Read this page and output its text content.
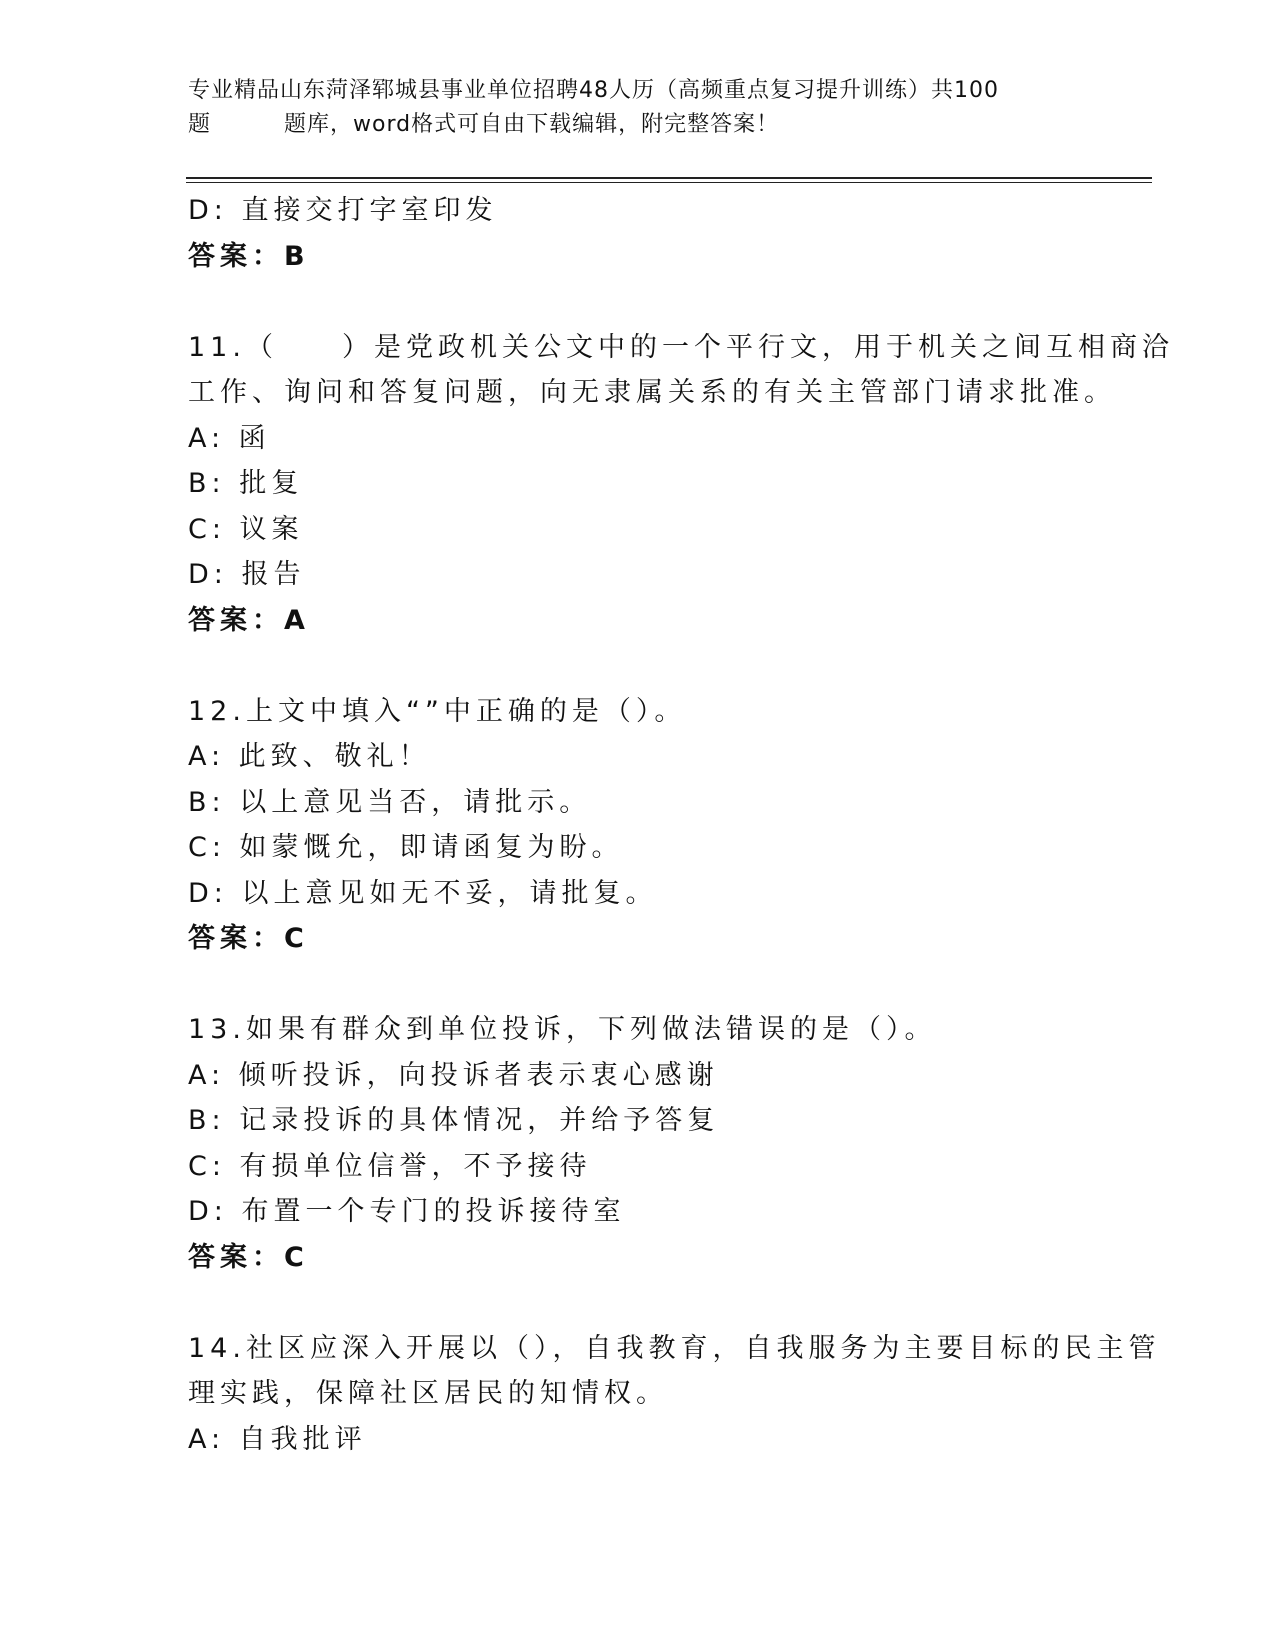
专业精品山东菏泽郓城县事业单位招聘48人历（高频重点复习提升训练）共100
题	题库，word格式可自由下载编辑，附完整答案！
D: 直接交打字室印发
答案：B
11.（　　）是党政机关公文中的一个平行文，用于机关之间互相商洽
工作、询问和答复问题，向无隶属关系的有关主管部门请求批准。
A: 函
B: 批复
C: 议案
D: 报告
答案：A
12.上文中填入“”中正确的是（）。
A: 此致、敬礼！
B: 以上意见当否，请批示。
C: 如蒙慨允，即请函复为盼。
D: 以上意见如无不妥，请批复。
答案：C
13.如果有群众到单位投诉，下列做法错误的是（）。
A: 倾听投诉，向投诉者表示衷心感谢
B: 记录投诉的具体情况，并给予答复
C: 有损单位信誉，不予接待
D: 布置一个专门的投诉接待室
答案：C
14.社区应深入开展以（），自我教育，自我服务为主要目标的民主管
理实践，保障社区居民的知情权。
A: 自我批评
